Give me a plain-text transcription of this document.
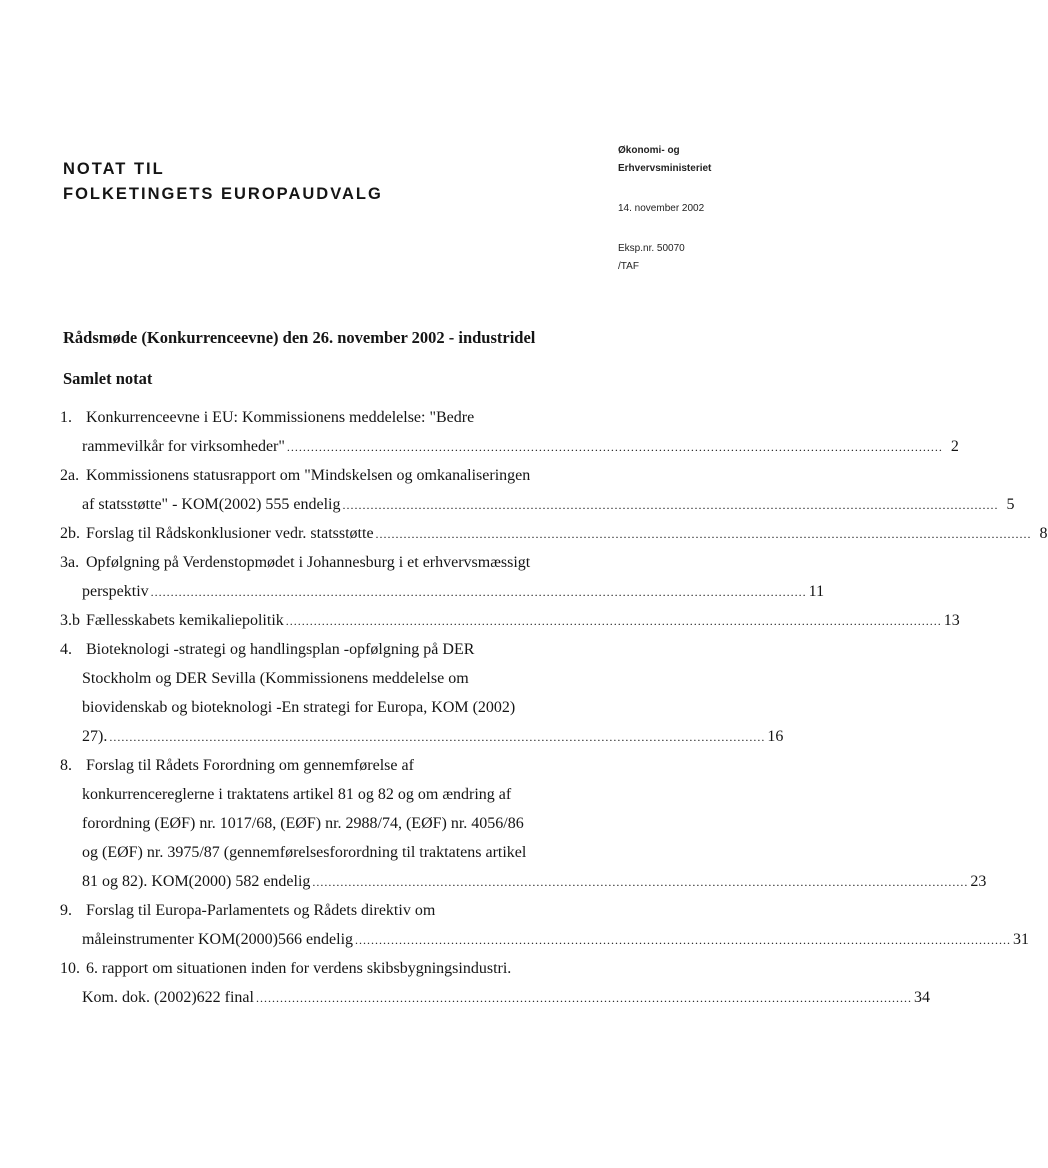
NOTAT TIL
FOLKETINGETS EUROPAUDVALG
Økonomi- og
Erhvervsministeriet
14. november 2002
Eksp.nr. 50070
/TAF
Rådsmøde (Konkurrenceevne) den 26. november 2002 - industridel
Samlet notat
1. Konkurrenceevne i EU: Kommissionens meddelelse: "Bedre
rammevilkår for virksomheder" .................................................................................................................................................................... 2
2a. Kommissionens statusrapport om "Mindskelsen og omkanaliseringen
af statsstøtte" - KOM(2002) 555 endelig .................................................................................................................................................................... 5
2b. Forslag til Rådskonklusioner vedr. statsstøtte .................................................................................................................................................................... 8
3a. Opfølgning på Verdenstopmødet i Johannesburg i et erhvervsmæssigt
perspektiv .................................................................................................................................................................... 11
3.b Fællesskabets kemikaliepolitik .................................................................................................................................................................... 13
4. Bioteknologi -strategi og handlingsplan -opfølgning på DER
Stockholm og DER Sevilla (Kommissionens meddelelse om
biovidenskab og bioteknologi -En strategi for Europa, KOM (2002)
27). .................................................................................................................................................................... 16
8. Forslag til Rådets Forordning om gennemførelse af
konkurrencereglerne i traktatens artikel 81 og 82 og om ændring af
forordning (EØF) nr. 1017/68, (EØF) nr. 2988/74, (EØF) nr. 4056/86
og (EØF) nr. 3975/87 (gennemførelsesforordning til traktatens artikel
81 og 82). KOM(2000) 582 endelig .................................................................................................................................................................... 23
9. Forslag til Europa-Parlamentets og Rådets direktiv om
måleinstrumenter KOM(2000)566 endelig .................................................................................................................................................................... 31
10. 6. rapport om situationen inden for verdens skibsbygningsindustri.
Kom. dok. (2002)622 final .................................................................................................................................................................... 34
